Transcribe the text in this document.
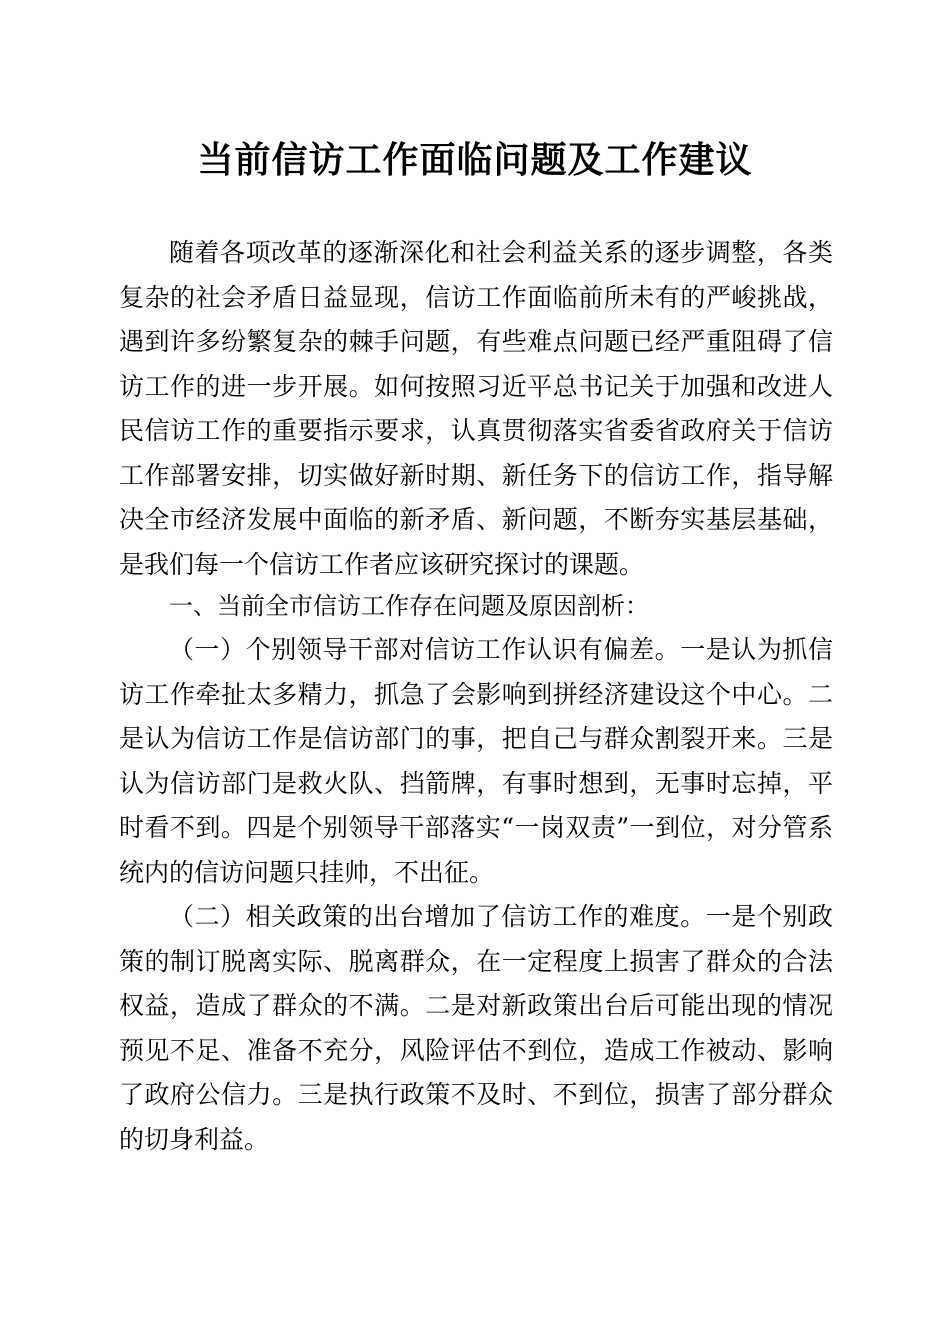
当前信访工作面临问题及工作建议

随着各项改革的逐渐深化和社会利益关系的逐步调整，各类复杂的社会矛盾日益显现，信访工作面临前所未有的严峻挑战，遇到许多纷繁复杂的棘手问题，有些难点问题已经严重阻碍了信访工作的进一步开展。如何按照习近平总书记关于加强和改进人民信访工作的重要指示要求，认真贯彻落实省委省政府关于信访工作部署安排，切实做好新时期、新任务下的信访工作，指导解决全市经济发展中面临的新矛盾、新问题，不断夯实基层基础，是我们每一个信访工作者应该研究探讨的课题。

一、当前全市信访工作存在问题及原因剖析：

（一）个别领导干部对信访工作认识有偏差。一是认为抓信访工作牵扯太多精力，抓急了会影响到拼经济建设这个中心。二是认为信访工作是信访部门的事，把自己与群众割裂开来。三是认为信访部门是救火队、挡箭牌，有事时想到，无事时忘掉，平时看不到。四是个别领导干部落实“一岗双责”一到位，对分管系统内的信访问题只挂帅，不出征。

（二）相关政策的出台增加了信访工作的难度。一是个别政策的制订脱离实际、脱离群众，在一定程度上损害了群众的合法权益，造成了群众的不满。二是对新政策出台后可能出现的情况预见不足、准备不充分，风险评估不到位，造成工作被动、影响了政府公信力。三是执行政策不及时、不到位，损害了部分群众的切身利益。
